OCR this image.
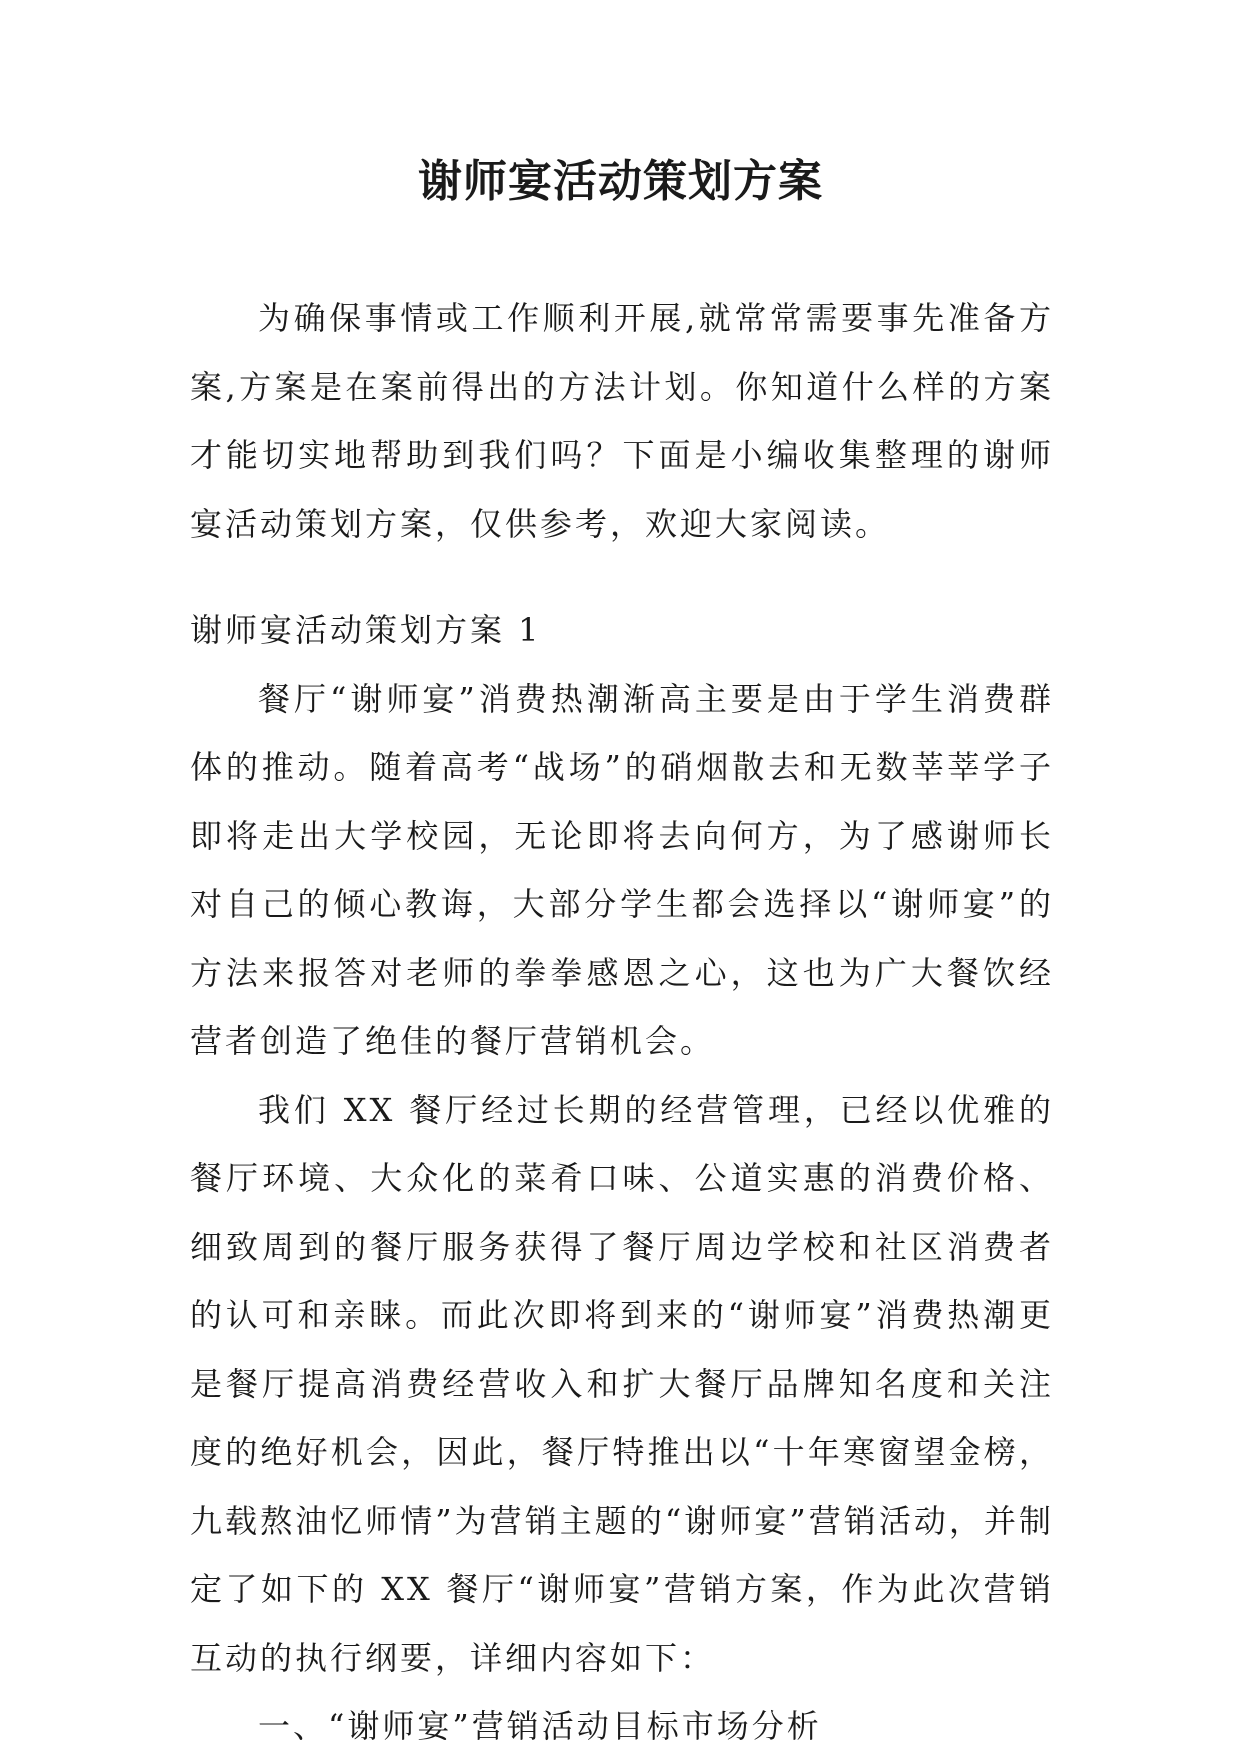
谢师宴活动策划方案

为确保事情或工作顺利开展,就常常需要事先准备方案,方案是在案前得出的方法计划。你知道什么样的方案才能切实地帮助到我们吗？下面是小编收集整理的谢师宴活动策划方案，仅供参考，欢迎大家阅读。

谢师宴活动策划方案 1

餐厅“谢师宴”消费热潮渐高主要是由于学生消费群体的推动。随着高考“战场”的硝烟散去和无数莘莘学子即将走出大学校园，无论即将去向何方，为了感谢师长对自己的倾心教诲，大部分学生都会选择以“谢师宴”的方法来报答对老师的拳拳感恩之心，这也为广大餐饮经营者创造了绝佳的餐厅营销机会。

我们 XX 餐厅经过长期的经营管理，已经以优雅的餐厅环境、大众化的菜肴口味、公道实惠的消费价格、细致周到的餐厅服务获得了餐厅周边学校和社区消费者的认可和亲睐。而此次即将到来的“谢师宴”消费热潮更是餐厅提高消费经营收入和扩大餐厅品牌知名度和关注度的绝好机会，因此，餐厅特推出以“十年寒窗望金榜，九载熬油忆师情”为营销主题的“谢师宴”营销活动，并制定了如下的 XX 餐厅“谢师宴”营销方案，作为此次营销互动的执行纲要，详细内容如下：

一、“谢师宴”营销活动目标市场分析
